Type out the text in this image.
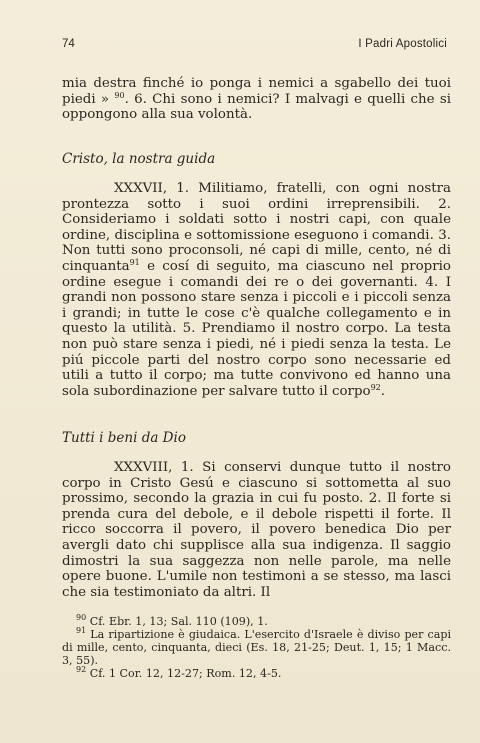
74	I Padri Apostolici

mia destra finché io ponga i nemici a sgabello dei tuoi piedi » $^{90}$. 6. Chi sono i nemici? I malvagi e quelli che si oppongono alla sua volontà.

Cristo, la nostra guida

XXXVII, 1. Militiamo, fratelli, con ogni nostra prontezza sotto i suoi ordini irreprensibili. 2. Consideriamo i soldati sotto i nostri capi, con quale ordine, disciplina e sottomissione eseguono i comandi. 3. Non tutti sono proconsoli, né capi di mille, cento, né di cinquanta$^{91}$ e cosí di seguito, ma ciascuno nel proprio ordine esegue i comandi dei re o dei governanti. 4. I grandi non possono stare senza i piccoli e i piccoli senza i grandi; in tutte le cose c'è qualche collegamento e in questo la utilità. 5. Prendiamo il nostro corpo. La testa non può stare senza i piedi, né i piedi senza la testa. Le piú piccole parti del nostro corpo sono necessarie ed utili a tutto il corpo; ma tutte convivono ed hanno una sola subordinazione per salvare tutto il corpo$^{92}$.

Tutti i beni da Dio

XXXVIII, 1. Si conservi dunque tutto il nostro corpo in Cristo Gesú e ciascuno si sottometta al suo prossimo, secondo la grazia in cui fu posto. 2. Il forte si prenda cura del debole, e il debole rispetti il forte. Il ricco soccorra il povero, il povero benedica Dio per avergli dato chi supplisce alla sua indigenza. Il saggio dimostri la sua saggezza non nelle parole, ma nelle opere buone. L'umile non testimoni a se stesso, ma lasci che sia testimoniato da altri. Il

$^{90}$ Cf. Ebr. 1, 13; Sal. 110 (109), 1.

$^{91}$ La ripartizione è giudaica. L'esercito d'Israele è diviso per capi di mille, cento, cinquanta, dieci (Es. 18, 21-25; Deut. 1, 15; 1 Macc. 3, 55).

$^{92}$ Cf. 1 Cor. 12, 12-27; Rom. 12, 4-5.
